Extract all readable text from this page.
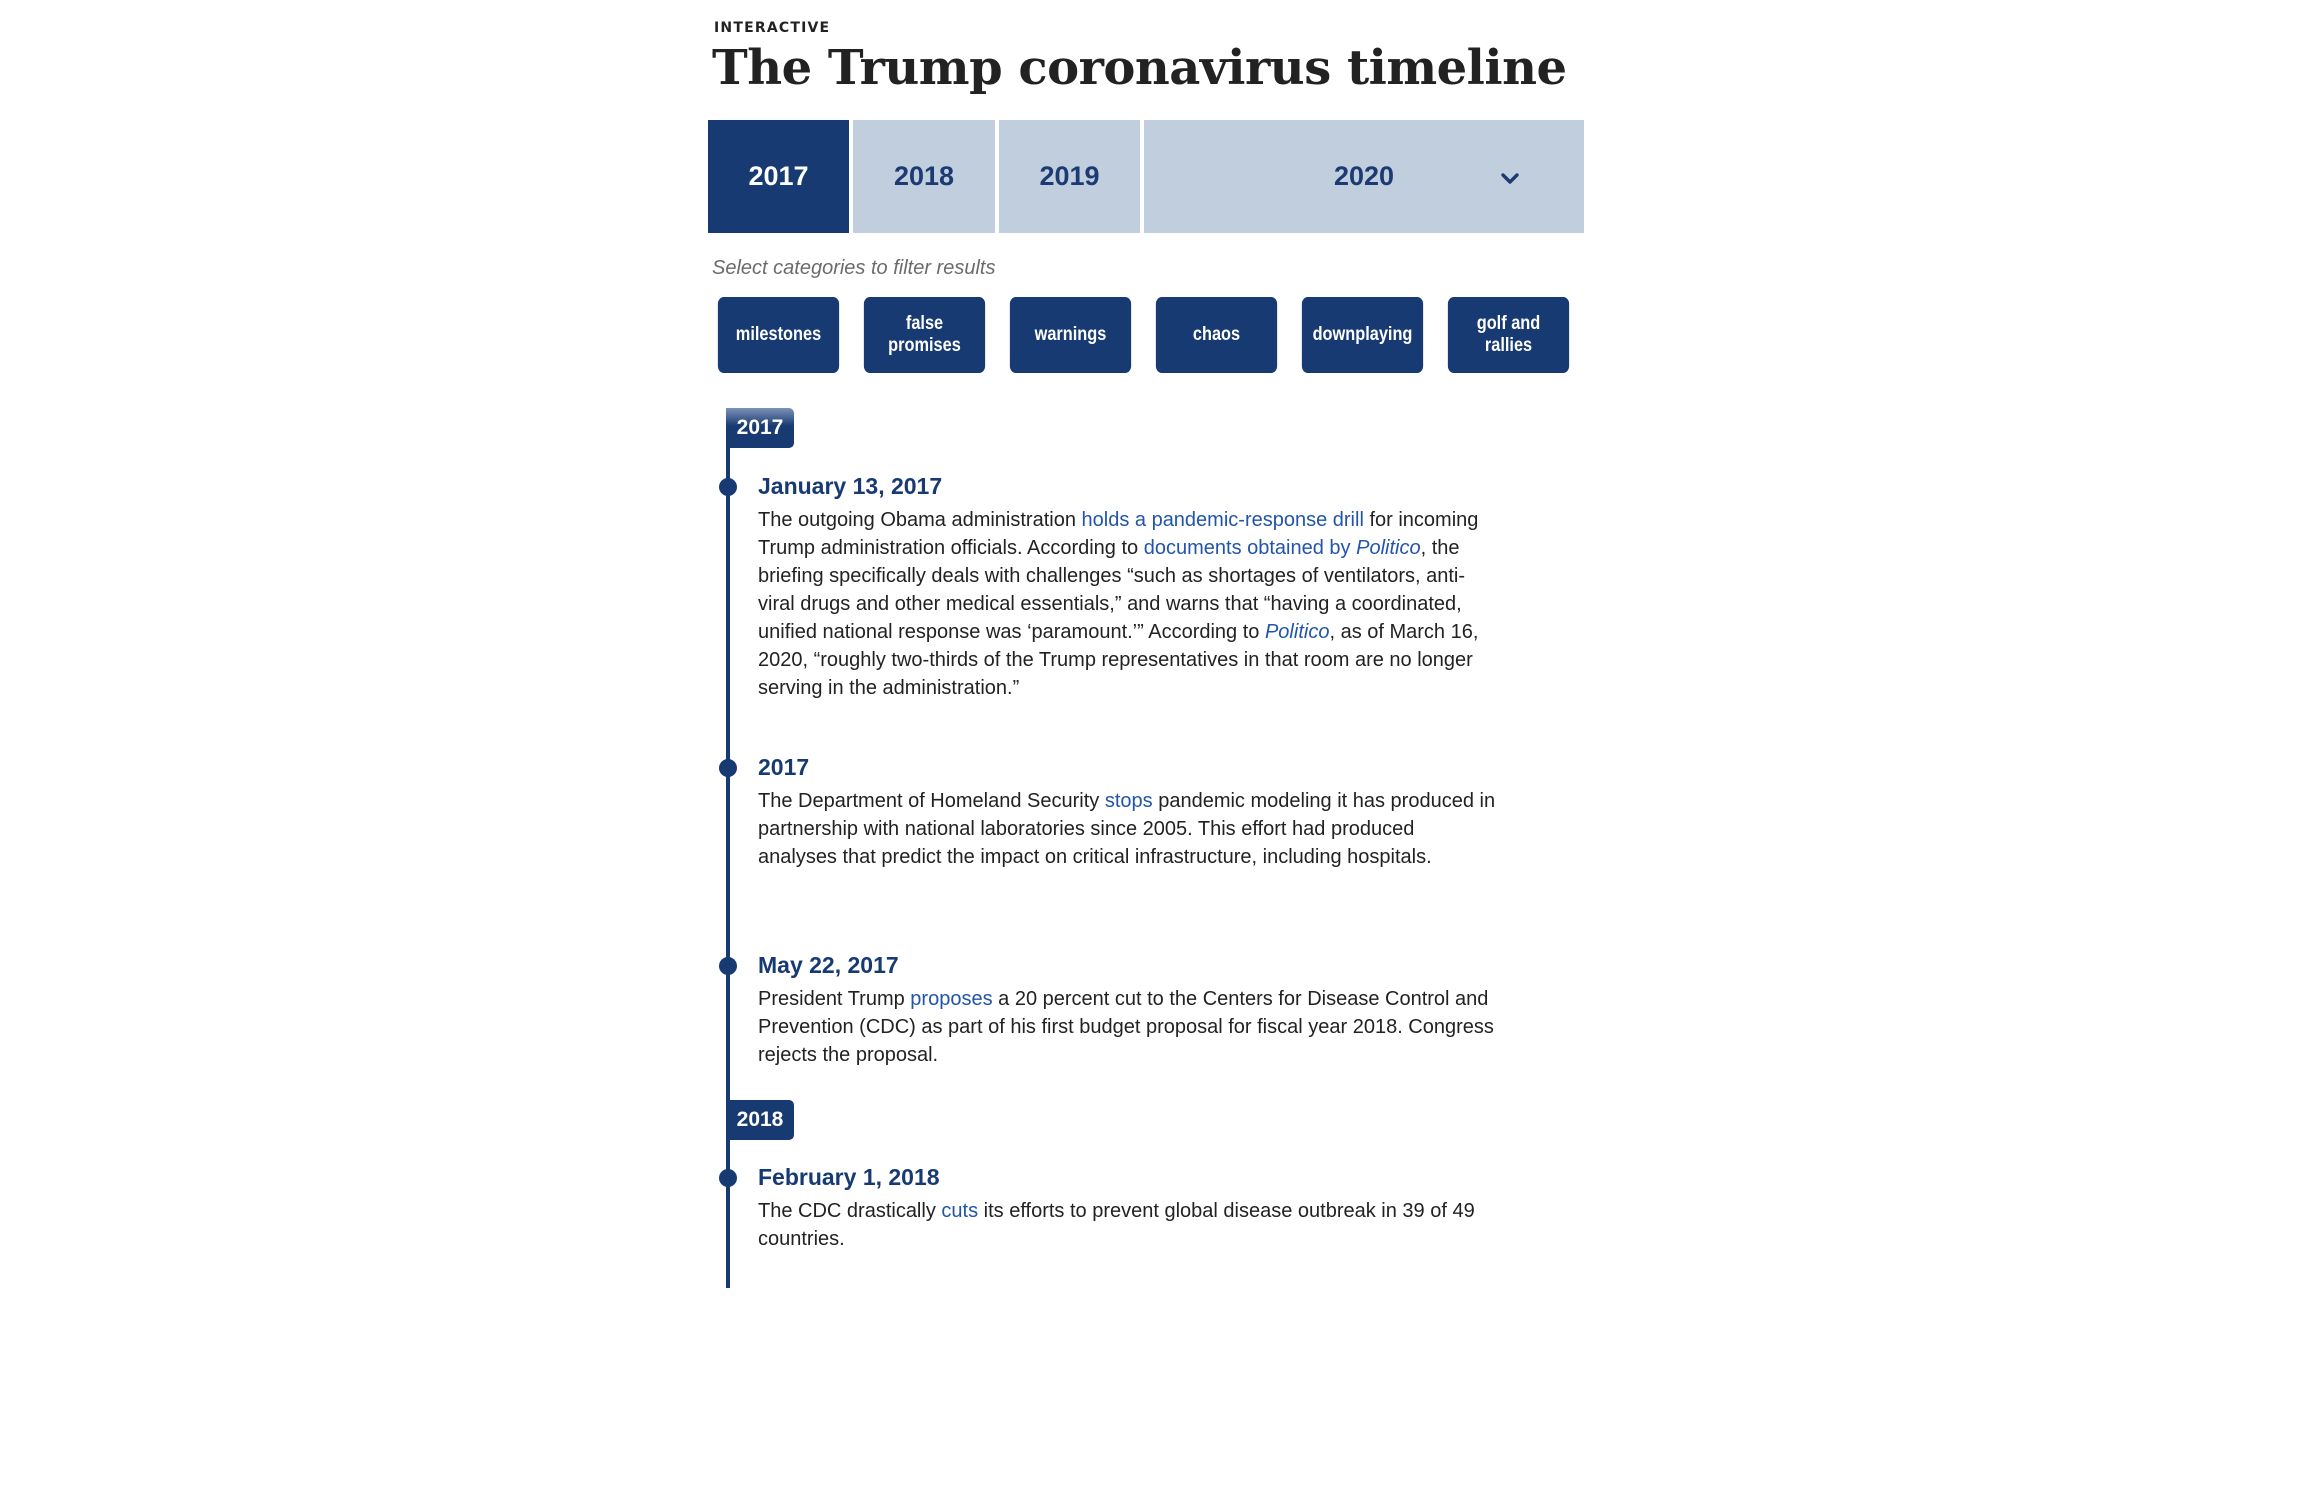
INTERACTIVE
The Trump coronavirus timeline
2017	2018	2019	2020
Select categories to filter results
milestones
false promises
warnings	chaos	downplaying
golf and rallies
2017
January 13, 2017
The outgoing Obama administration holds a pandemic-response drill for incoming Trump administration officials. According to documents obtained by Politico, the briefing specifically deals with challenges “such as shortages of ventilators, anti-viral drugs and other medical essentials,” and warns that “having a coordinated, unified national response was ‘paramount.’” According to Politico, as of March 16, 2020, “roughly two-thirds of the Trump representatives in that room are no longer serving in the administration.”
2017
The Department of Homeland Security stops pandemic modeling it has produced in partnership with national laboratories since 2005. This effort had produced analyses that predict the impact on critical infrastructure, including hospitals.
May 22, 2017
President Trump proposes a 20 percent cut to the Centers for Disease Control and Prevention (CDC) as part of his first budget proposal for fiscal year 2018. Congress rejects the proposal.
2018
February 1, 2018
The CDC drastically cuts its efforts to prevent global disease outbreak in 39 of 49 countries.
